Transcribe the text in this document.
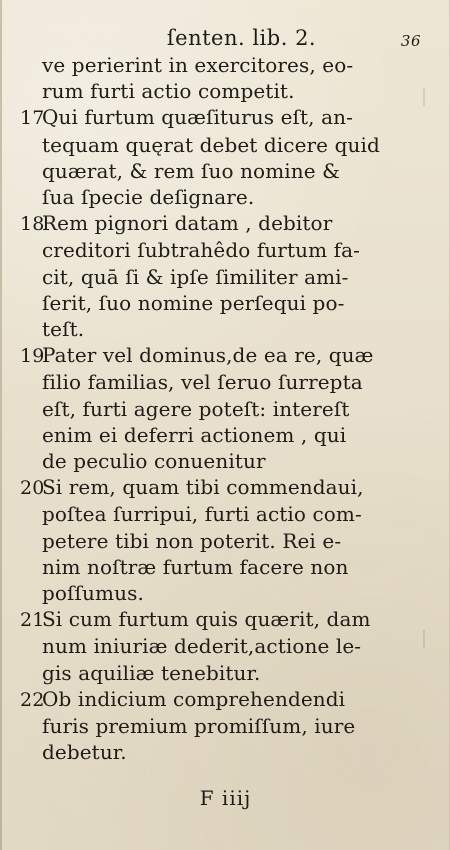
ſenten. lib. 2.	36
ve perierint in exercitores, eo-
rum furti actio competit.
17Qui furtum quæſiturus eſt, an-
tequam quęrat debet dicere quid
quærat, & rem ſuo nomine &
ſua ſpecie deſignare.
18Rem pignori datam , debitor
creditori ſubtrahêdo furtum fa-
cit, quā ſi & ipſe ſimiliter ami-
ſerit, ſuo nomine perſequi po-
teſt.
19Pater vel dominus,de ea re, quæ
filio familias, vel ſeruo ſurrepta
eſt, furti agere poteſt: intereſt
enim ei deferri actionem , qui
de peculio conuenitur
20Si rem, quam tibi commendaui,
poſtea ſurripui, furti actio com-
petere tibi non poterit. Rei e-
nim noſtræ furtum facere non
poſſumus.
21Si cum furtum quis quærit, dam
num iniuriæ dederit,actione le-
gis aquiliæ tenebitur.
22Ob indicium comprehendendi
furis premium promiſſum, iure
debetur.
F iiij
